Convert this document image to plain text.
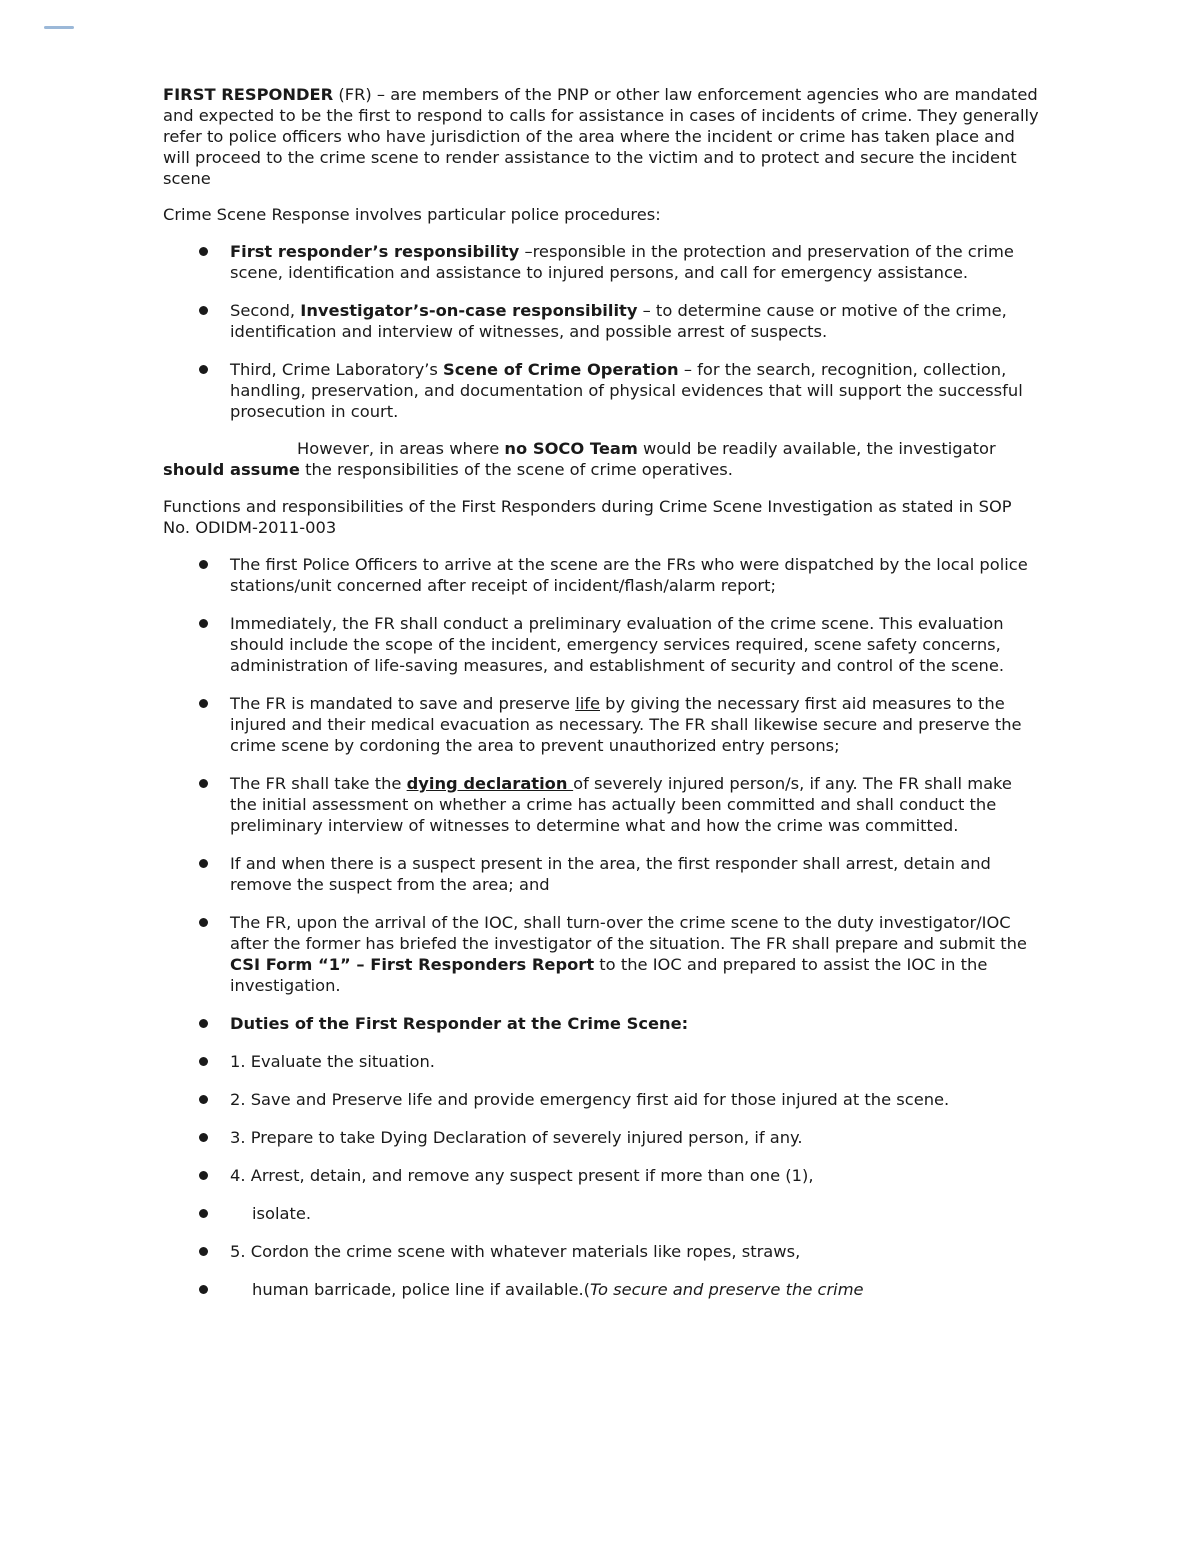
FIRST RESPONDER (FR) – are members of the PNP or other law enforcement agencies who are mandated and expected to be the first to respond to calls for assistance in cases of incidents of crime. They generally refer to police officers who have jurisdiction of the area where the incident or crime has taken place and will proceed to the crime scene to render assistance to the victim and to protect and secure the incident scene

Crime Scene Response involves particular police procedures:

First responder’s responsibility –responsible in the protection and preservation of the crime scene, identification and assistance to injured persons, and call for emergency assistance.
Second, Investigator’s-on-case responsibility – to determine cause or motive of the crime, identification and interview of witnesses, and possible arrest of suspects.
Third, Crime Laboratory’s Scene of Crime Operation – for the search, recognition, collection, handling, preservation, and documentation of physical evidences that will support the successful prosecution in court.

However, in areas where no SOCO Team would be readily available, the investigator should assume the responsibilities of the scene of crime operatives.

Functions and responsibilities of the First Responders during Crime Scene Investigation as stated in SOP No. ODIDM-2011-003

The first Police Officers to arrive at the scene are the FRs who were dispatched by the local police stations/unit concerned after receipt of incident/flash/alarm report;
Immediately, the FR shall conduct a preliminary evaluation of the crime scene. This evaluation should include the scope of the incident, emergency services required, scene safety concerns, administration of life-saving measures, and establishment of security and control of the scene.
The FR is mandated to save and preserve life by giving the necessary first aid measures to the injured and their medical evacuation as necessary. The FR shall likewise secure and preserve the crime scene by cordoning the area to prevent unauthorized entry persons;
The FR shall take the dying declaration of severely injured person/s, if any. The FR shall make the initial assessment on whether a crime has actually been committed and shall conduct the preliminary interview of witnesses to determine what and how the crime was committed.
If and when there is a suspect present in the area, the first responder shall arrest, detain and remove the suspect from the area; and
The FR, upon the arrival of the IOC, shall turn-over the crime scene to the duty investigator/IOC after the former has briefed the investigator of the situation. The FR shall prepare and submit the CSI Form “1” – First Responders Report to the IOC and prepared to assist the IOC in the investigation.
Duties of the First Responder at the Crime Scene:
1. Evaluate the situation.
2. Save and Preserve life and provide emergency first aid for those injured at the scene.
3. Prepare to take Dying Declaration of severely injured person, if any.
4. Arrest, detain, and remove any suspect present if more than one (1),
isolate.
5. Cordon the crime scene with whatever materials like ropes, straws,
human barricade, police line if available.(To secure and preserve the crime
